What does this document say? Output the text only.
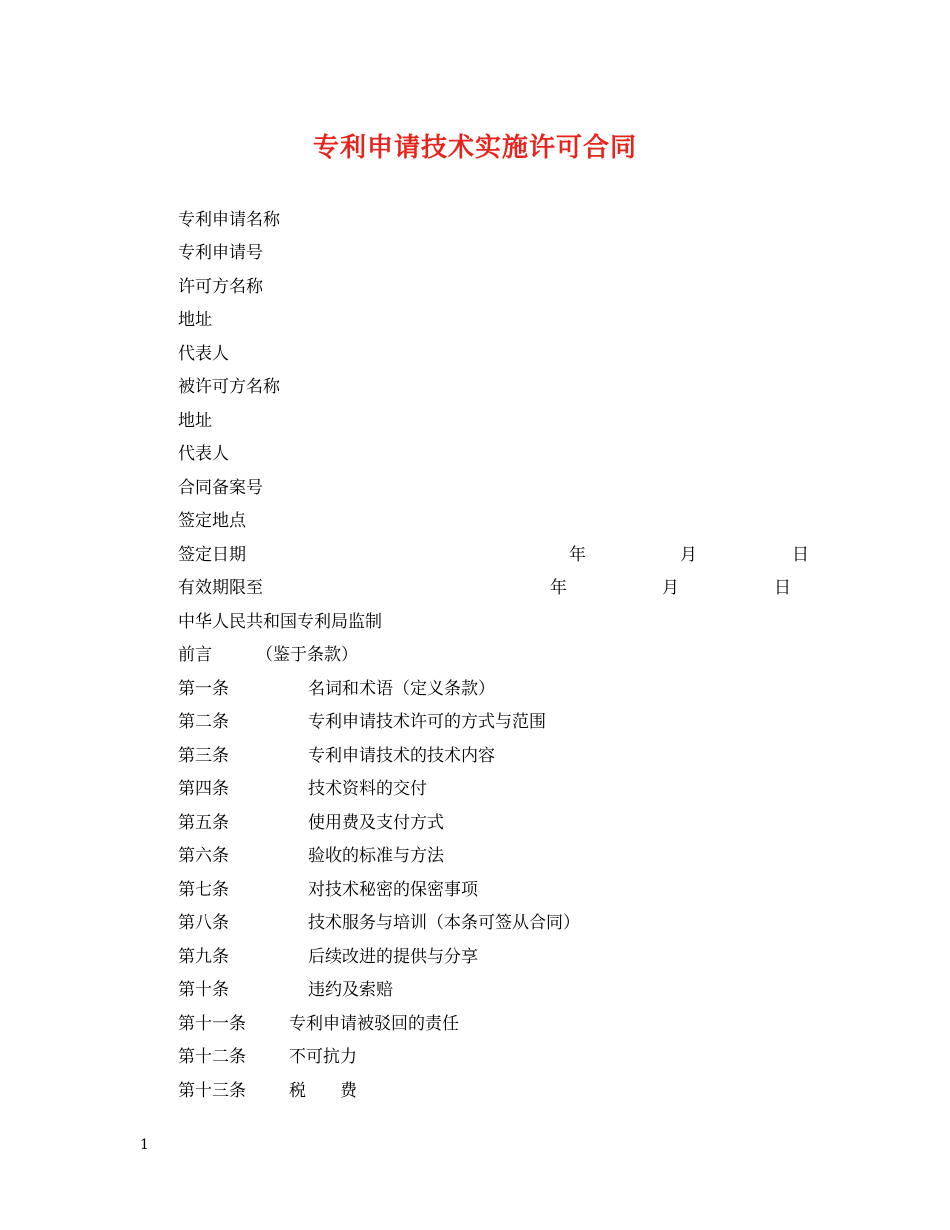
专利申请技术实施许可合同
专利申请名称
专利申请号
许可方名称
地址
代表人
被许可方名称
地址
代表人
合同备案号
签定地点
签定日期	年	月	日
有效期限至	年	月	日
中华人民共和国专利局监制
前言	（鉴于条款）
第一条	名词和术语（定义条款）
第二条	专利申请技术许可的方式与范围
第三条	专利申请技术的技术内容
第四条	技术资料的交付
第五条	使用费及支付方式
第六条	验收的标准与方法
第七条	对技术秘密的保密事项
第八条	技术服务与培训（本条可签从合同）
第九条	后续改进的提供与分享
第十条	违约及索赔
第十一条	专利申请被驳回的责任
第十二条	不可抗力
第十三条	税　　费
1
